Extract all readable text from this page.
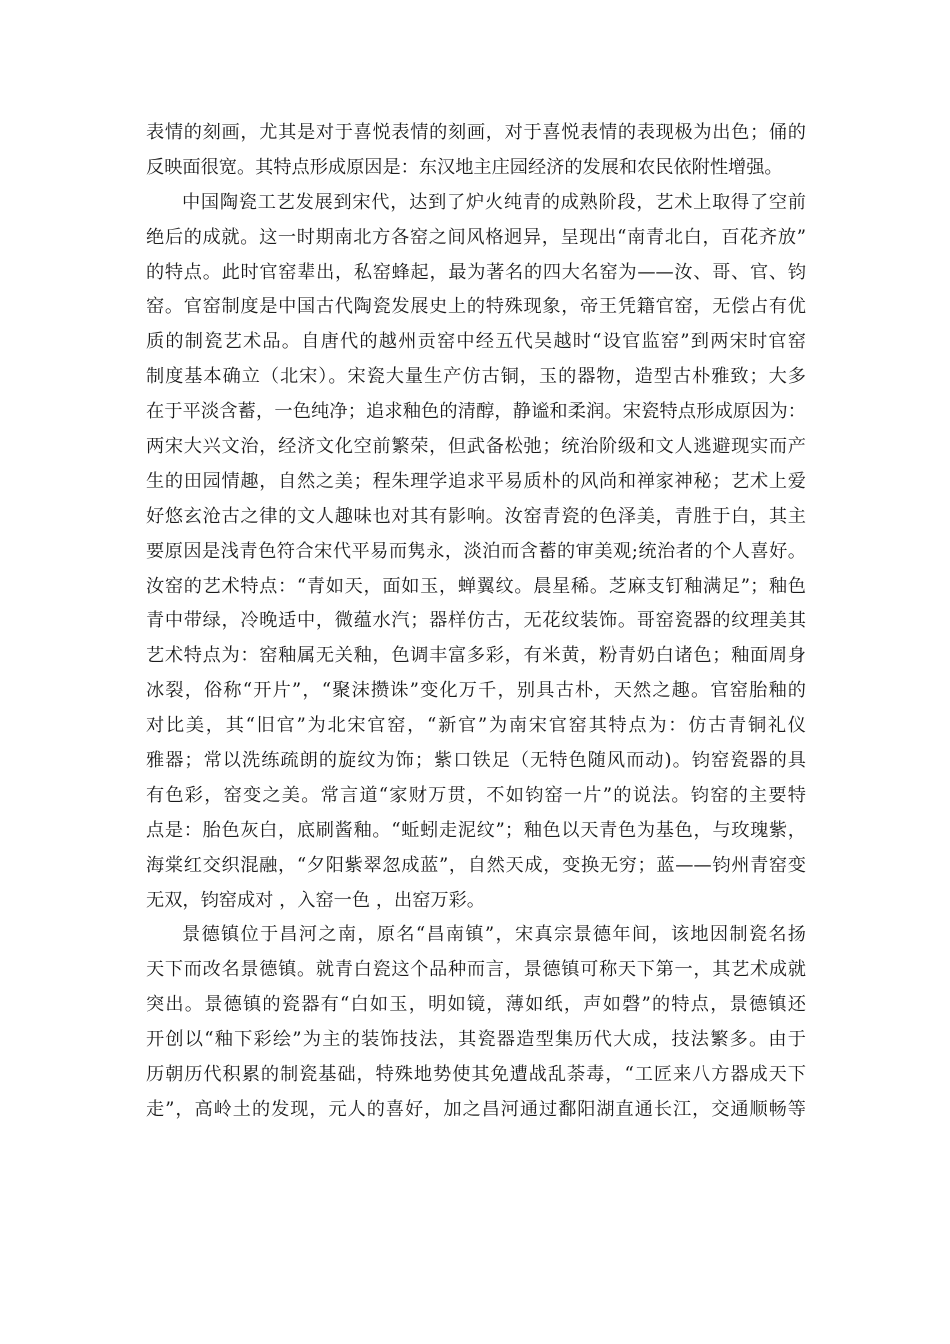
表情的刻画，尤其是对于喜悦表情的刻画，对于喜悦表情的表现极为出色；俑的
反映面很宽。其特点形成原因是：东汉地主庄园经济的发展和农民依附性增强。
中国陶瓷工艺发展到宋代，达到了炉火纯青的成熟阶段，艺术上取得了空前
绝后的成就。这一时期南北方各窑之间风格迥异，呈现出“南青北白，百花齐放”
的特点。此时官窑辈出，私窑蜂起，最为著名的四大名窑为——汝、哥、官、钧
窑。官窑制度是中国古代陶瓷发展史上的特殊现象，帝王凭籍官窑，无偿占有优
质的制瓷艺术品。自唐代的越州贡窑中经五代吴越时“设官监窑”到两宋时官窑
制度基本确立（北宋）。宋瓷大量生产仿古铜，玉的器物，造型古朴雅致；大多
在于平淡含蓄，一色纯净；追求釉色的清醇，静谧和柔润。宋瓷特点形成原因为：
两宋大兴文治，经济文化空前繁荣，但武备松弛；统治阶级和文人逃避现实而产
生的田园情趣，自然之美；程朱理学追求平易质朴的风尚和禅家神秘；艺术上爱
好悠玄沧古之律的文人趣味也对其有影响。汝窑青瓷的色泽美，青胜于白，其主
要原因是浅青色符合宋代平易而隽永，淡泊而含蓄的审美观;统治者的个人喜好。
汝窑的艺术特点：“青如天，面如玉，蝉翼纹。晨星稀。芝麻支钉釉满足”；釉色
青中带绿，冷晚适中，微蕴水汽；器样仿古，无花纹装饰。哥窑瓷器的纹理美其
艺术特点为：窑釉属无关釉，色调丰富多彩，有米黄，粉青奶白诸色；釉面周身
冰裂，俗称“开片”，“聚沫攒诛”变化万千，别具古朴，天然之趣。官窑胎釉的
对比美，其“旧官”为北宋官窑，“新官”为南宋官窑其特点为：仿古青铜礼仪
雅器；常以洗练疏朗的旋纹为饰；紫口铁足（无特色随风而动)。钧窑瓷器的具
有色彩，窑变之美。常言道“家财万贯，不如钧窑一片”的说法。钧窑的主要特
点是：胎色灰白，底刷酱釉。“蚯蚓走泥纹”；釉色以天青色为基色，与玫瑰紫，
海棠红交织混融，“夕阳紫翠忽成蓝”，自然天成，变换无穷；蓝——钧州青窑变
无双，钧窑成对 ，入窑一色 ，出窑万彩。
景德镇位于昌河之南，原名“昌南镇”，宋真宗景德年间，该地因制瓷名扬
天下而改名景德镇。就青白瓷这个品种而言，景德镇可称天下第一，其艺术成就
突出。景德镇的瓷器有“白如玉，明如镜，薄如纸，声如磬”的特点，景德镇还
开创以“釉下彩绘”为主的装饰技法，其瓷器造型集历代大成，技法繁多。由于
历朝历代积累的制瓷基础，特殊地势使其免遭战乱荼毒，“工匠来八方器成天下
走”，高岭土的发现，元人的喜好，加之昌河通过鄱阳湖直通长江，交通顺畅等
